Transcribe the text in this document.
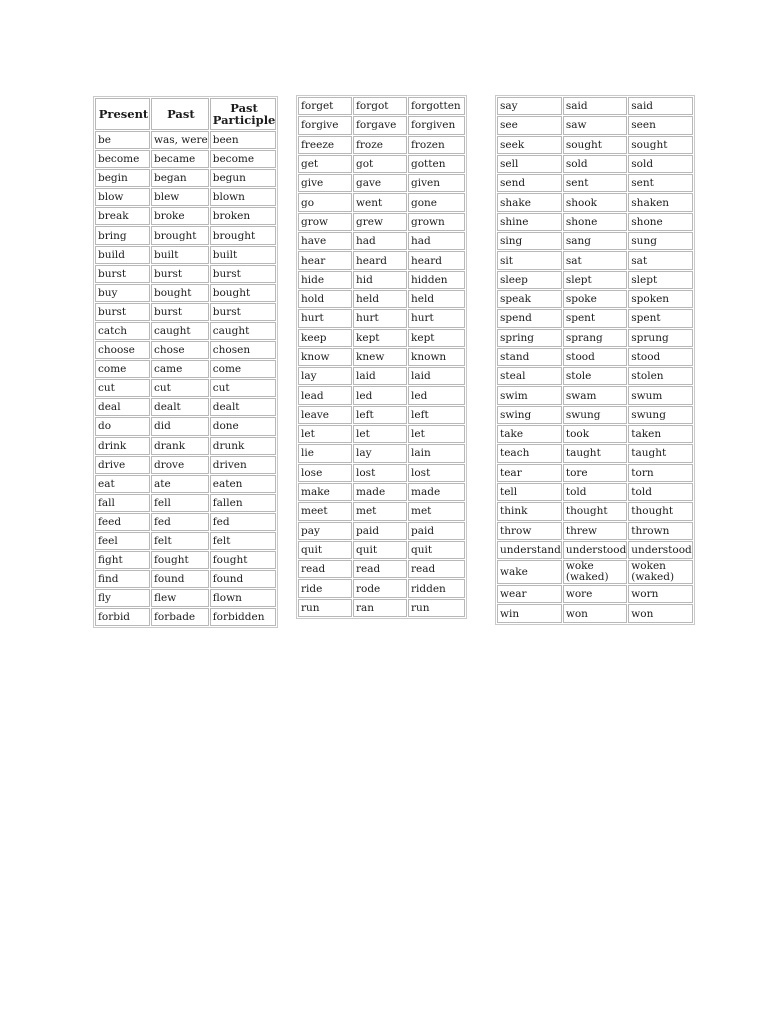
Present	Past	Past Participle
be	was, were	been
become	became	become
begin	began	begun
blow	blew	blown
break	broke	broken
bring	brought	brought
build	built	built
burst	burst	burst
buy	bought	bought
burst	burst	burst
catch	caught	caught
choose	chose	chosen
come	came	come
cut	cut	cut
deal	dealt	dealt
do	did	done
drink	drank	drunk
drive	drove	driven
eat	ate	eaten
fall	fell	fallen
feed	fed	fed
feel	felt	felt
fight	fought	fought
find	found	found
fly	flew	flown
forbid	forbade	forbidden
forget	forgot	forgotten
forgive	forgave	forgiven
freeze	froze	frozen
get	got	gotten
give	gave	given
go	went	gone
grow	grew	grown
have	had	had
hear	heard	heard
hide	hid	hidden
hold	held	held
hurt	hurt	hurt
keep	kept	kept
know	knew	known
lay	laid	laid
lead	led	led
leave	left	left
let	let	let
lie	lay	lain
lose	lost	lost
make	made	made
meet	met	met
pay	paid	paid
quit	quit	quit
read	read	read
ride	rode	ridden
run	ran	run
say	said	said
see	saw	seen
seek	sought	sought
sell	sold	sold
send	sent	sent
shake	shook	shaken
shine	shone	shone
sing	sang	sung
sit	sat	sat
sleep	slept	slept
speak	spoke	spoken
spend	spent	spent
spring	sprang	sprung
stand	stood	stood
steal	stole	stolen
swim	swam	swum
swing	swung	swung
take	took	taken
teach	taught	taught
tear	tore	torn
tell	told	told
think	thought	thought
throw	threw	thrown
understand	understood	understood
wake	woke (waked)	woken (waked)
wear	wore	worn
win	won	won
